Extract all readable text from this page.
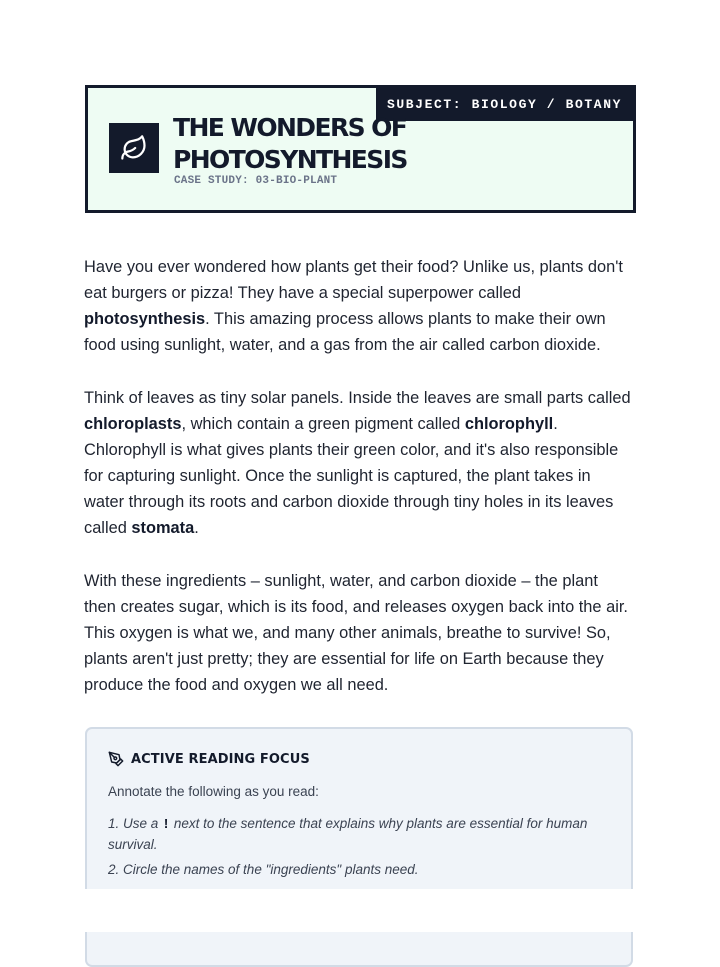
SUBJECT: BIOLOGY / BOTANY
THE WONDERS OF
PHOTOSYNTHESIS
CASE STUDY: 03-BIO-PLANT

Have you ever wondered how plants get their food? Unlike us, plants don't eat burgers or pizza! They have a special superpower called photosynthesis. This amazing process allows plants to make their own food using sunlight, water, and a gas from the air called carbon dioxide.

Think of leaves as tiny solar panels. Inside the leaves are small parts called chloroplasts, which contain a green pigment called chlorophyll. Chlorophyll is what gives plants their green color, and it's also responsible for capturing sunlight. Once the sunlight is captured, the plant takes in water through its roots and carbon dioxide through tiny holes in its leaves called stomata.

With these ingredients – sunlight, water, and carbon dioxide – the plant then creates sugar, which is its food, and releases oxygen back into the air. This oxygen is what we, and many other animals, breathe to survive! So, plants aren't just pretty; they are essential for life on Earth because they produce the food and oxygen we all need.

ACTIVE READING FOCUS
Annotate the following as you read:
1. Use a ! next to the sentence that explains why plants are essential for human survival.
2. Circle the names of the "ingredients" plants need.
